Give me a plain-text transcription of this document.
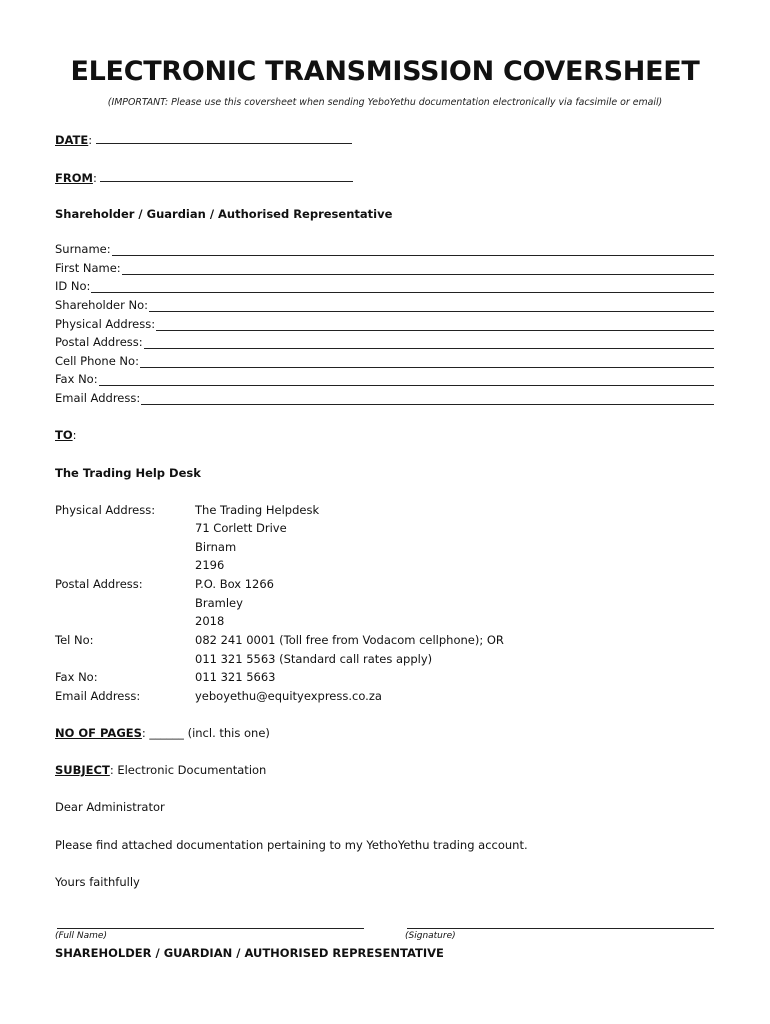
ELECTRONIC TRANSMISSION COVERSHEET
(IMPORTANT: Please use this coversheet when sending YeboYethu documentation electronically via facsimile or email)
DATE:
FROM:
Shareholder / Guardian / Authorised Representative
Surname:
First Name:
ID No:
Shareholder No:
Physical Address:
Postal Address:
Cell Phone No:
Fax No:
Email Address:
TO:
The Trading Help Desk
Physical Address:	The Trading Helpdesk
71 Corlett Drive
Birnam
2196
Postal Address:	P.O. Box 1266
Bramley
2018
Tel No:	082 241 0001 (Toll free from Vodacom cellphone); OR
011 321 5563 (Standard call rates apply)
Fax No:	011 321 5663
Email Address:	yeboyethu@equityexpress.co.za
NO OF PAGES: ______ (incl. this one)
SUBJECT: Electronic Documentation
Dear Administrator
Please find attached documentation pertaining to my YethoYethu trading account.
Yours faithfully
(Full Name)	(Signature)
SHAREHOLDER / GUARDIAN / AUTHORISED REPRESENTATIVE
